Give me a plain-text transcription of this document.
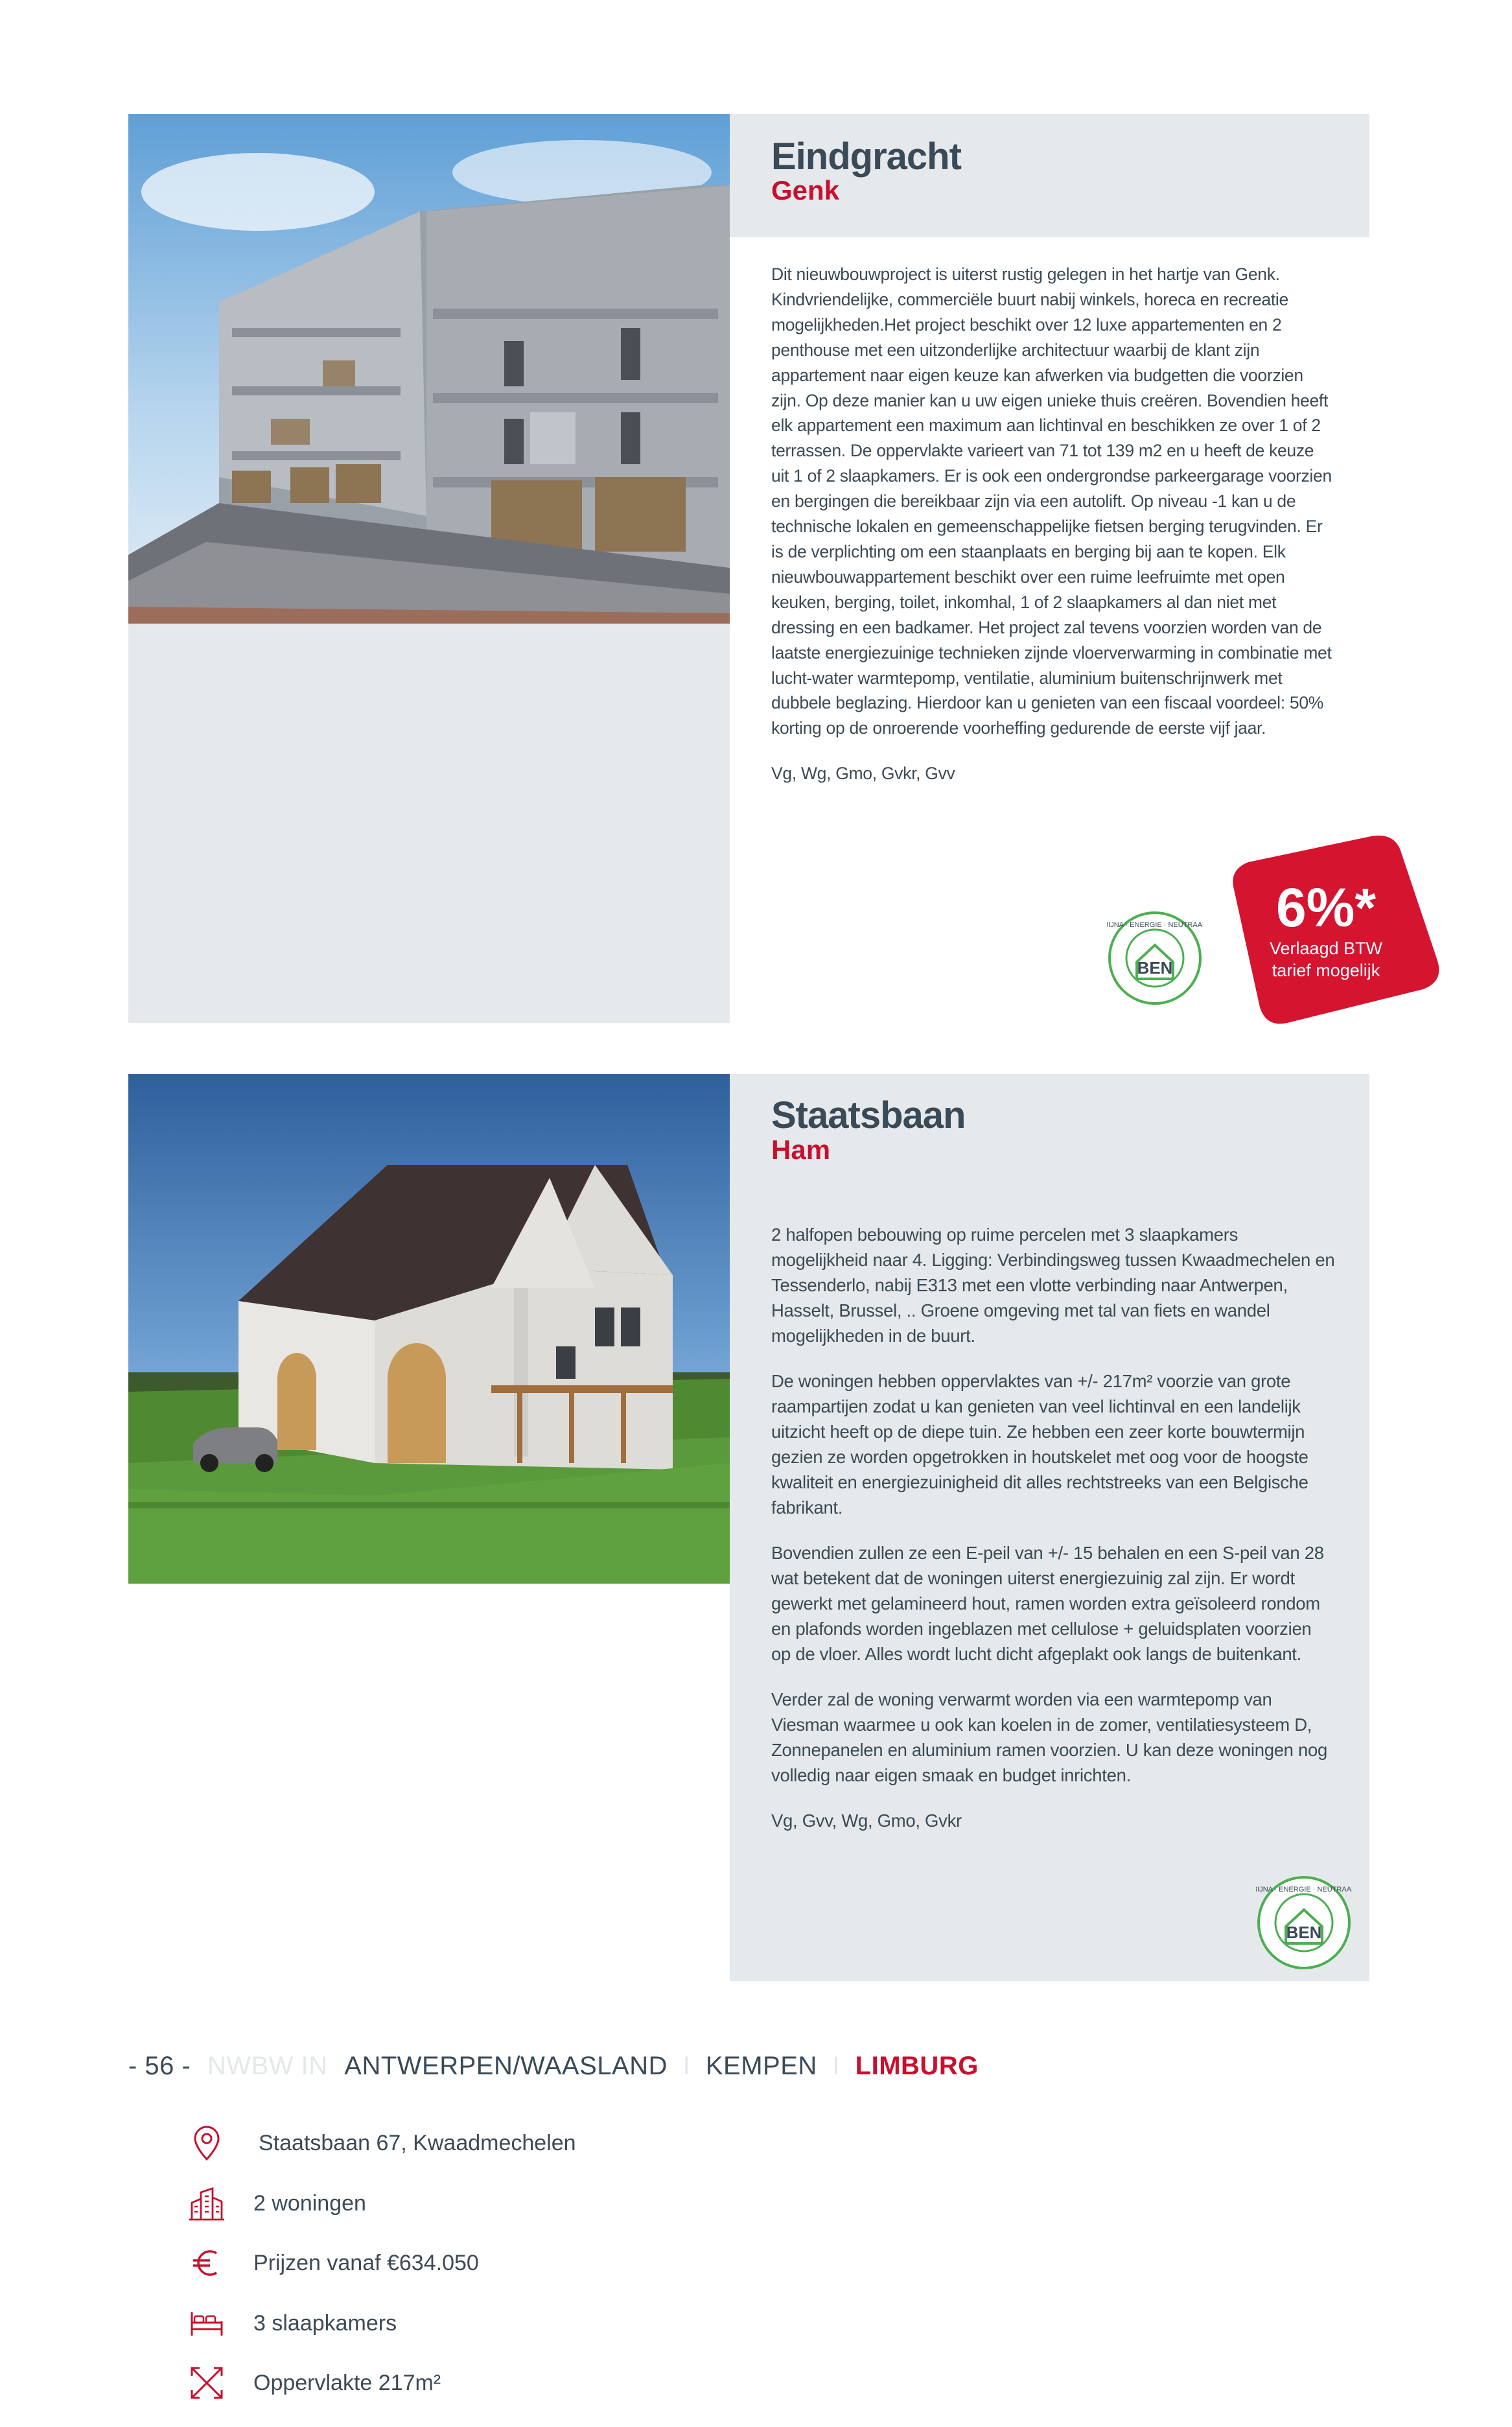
Eindgracht
Genk

Dit nieuwbouwproject is uiterst rustig gelegen in het hartje van Genk. Kindvriendelijke, commerciële buurt nabij winkels, horeca en recreatie mogelijkheden.Het project beschikt over 12 luxe appartementen en 2 penthouse met een uitzonderlijke architectuur waarbij de klant zijn appartement naar eigen keuze kan afwerken via budgetten die voorzien zijn. Op deze manier kan u uw eigen unieke thuis creëren. Bovendien heeft elk appartement een maximum aan lichtinval en beschikken ze over 1 of 2 terrassen. De oppervlakte varieert van 71 tot 139 m2 en u heeft de keuze uit 1 of 2 slaapkamers. Er is ook een ondergrondse parkeergarage voorzien en bergingen die bereikbaar zijn via een autolift. Op niveau -1 kan u de technische lokalen en gemeenschappelijke fietsen berging terugvinden. Er is de verplichting om een staanplaats en berging bij aan te kopen. Elk nieuwbouwappartement beschikt over een ruime leefruimte met open keuken, berging, toilet, inkomhal, 1 of 2 slaapkamers al dan niet met dressing en een badkamer. Het project zal tevens voorzien worden van de laatste energiezuinige technieken zijnde vloerverwarming in combinatie met lucht-water warmtepomp, ventilatie, aluminium buitenschrijnwerk met dubbele beglazing. Hierdoor kan u genieten van een fiscaal voordeel: 50% korting op de onroerende voorheffing gedurende de eerste vijf jaar.

Vg, Wg, Gmo, Gvkr, Gvv

BEN
BIJNA · ENERGIE · NEUTRAAL	6%*
Verlaagd BTW
tarief mogelijk
Staatsbaan 67, Kwaadmechelen
2 woningen
Prijzen vanaf €634.050
3 slaapkamers
Oppervlakte 217m²
Staatsbaan
Ham

2 halfopen bebouwing op ruime percelen met 3 slaapkamers mogelijkheid naar 4. Ligging: Verbindingsweg tussen Kwaadmechelen en Tessenderlo, nabij E313 met een vlotte verbinding naar Antwerpen, Hasselt, Brussel, .. Groene omgeving met tal van fiets en wandel mogelijkheden in de buurt.

De woningen hebben oppervlaktes van +/- 217m² voorzie van grote raampartijen zodat u kan genieten van veel lichtinval en een landelijk uitzicht heeft op de diepe tuin. Ze hebben een zeer korte bouwtermijn gezien ze worden opgetrokken in houtskelet met oog voor de hoogste kwaliteit en energiezuinigheid dit alles rechtstreeks van een Belgische fabrikant.

Bovendien zullen ze een E-peil van +/- 15 behalen en een S-peil van 28 wat betekent dat de woningen uiterst energiezuinig zal zijn. Er wordt gewerkt met gelamineerd hout, ramen worden extra geïsoleerd rondom en plafonds worden ingeblazen met cellulose + geluidsplaten voorzien op de vloer. Alles wordt lucht dicht afgeplakt ook langs de buitenkant.

Verder zal de woning verwarmt worden via een warmtepomp van Viesman waarmee u ook kan koelen in de zomer, ventilatiesysteem D, Zonnepanelen en aluminium ramen voorzien. U kan deze woningen nog volledig naar eigen smaak en budget inrichten.

Vg, Gvv, Wg, Gmo, Gvkr

BEN
BIJNA · ENERGIE · NEUTRAAL
- 56 - NWBW IN ANTWERPEN/WAASLAND I KEMPEN I LIMBURG
